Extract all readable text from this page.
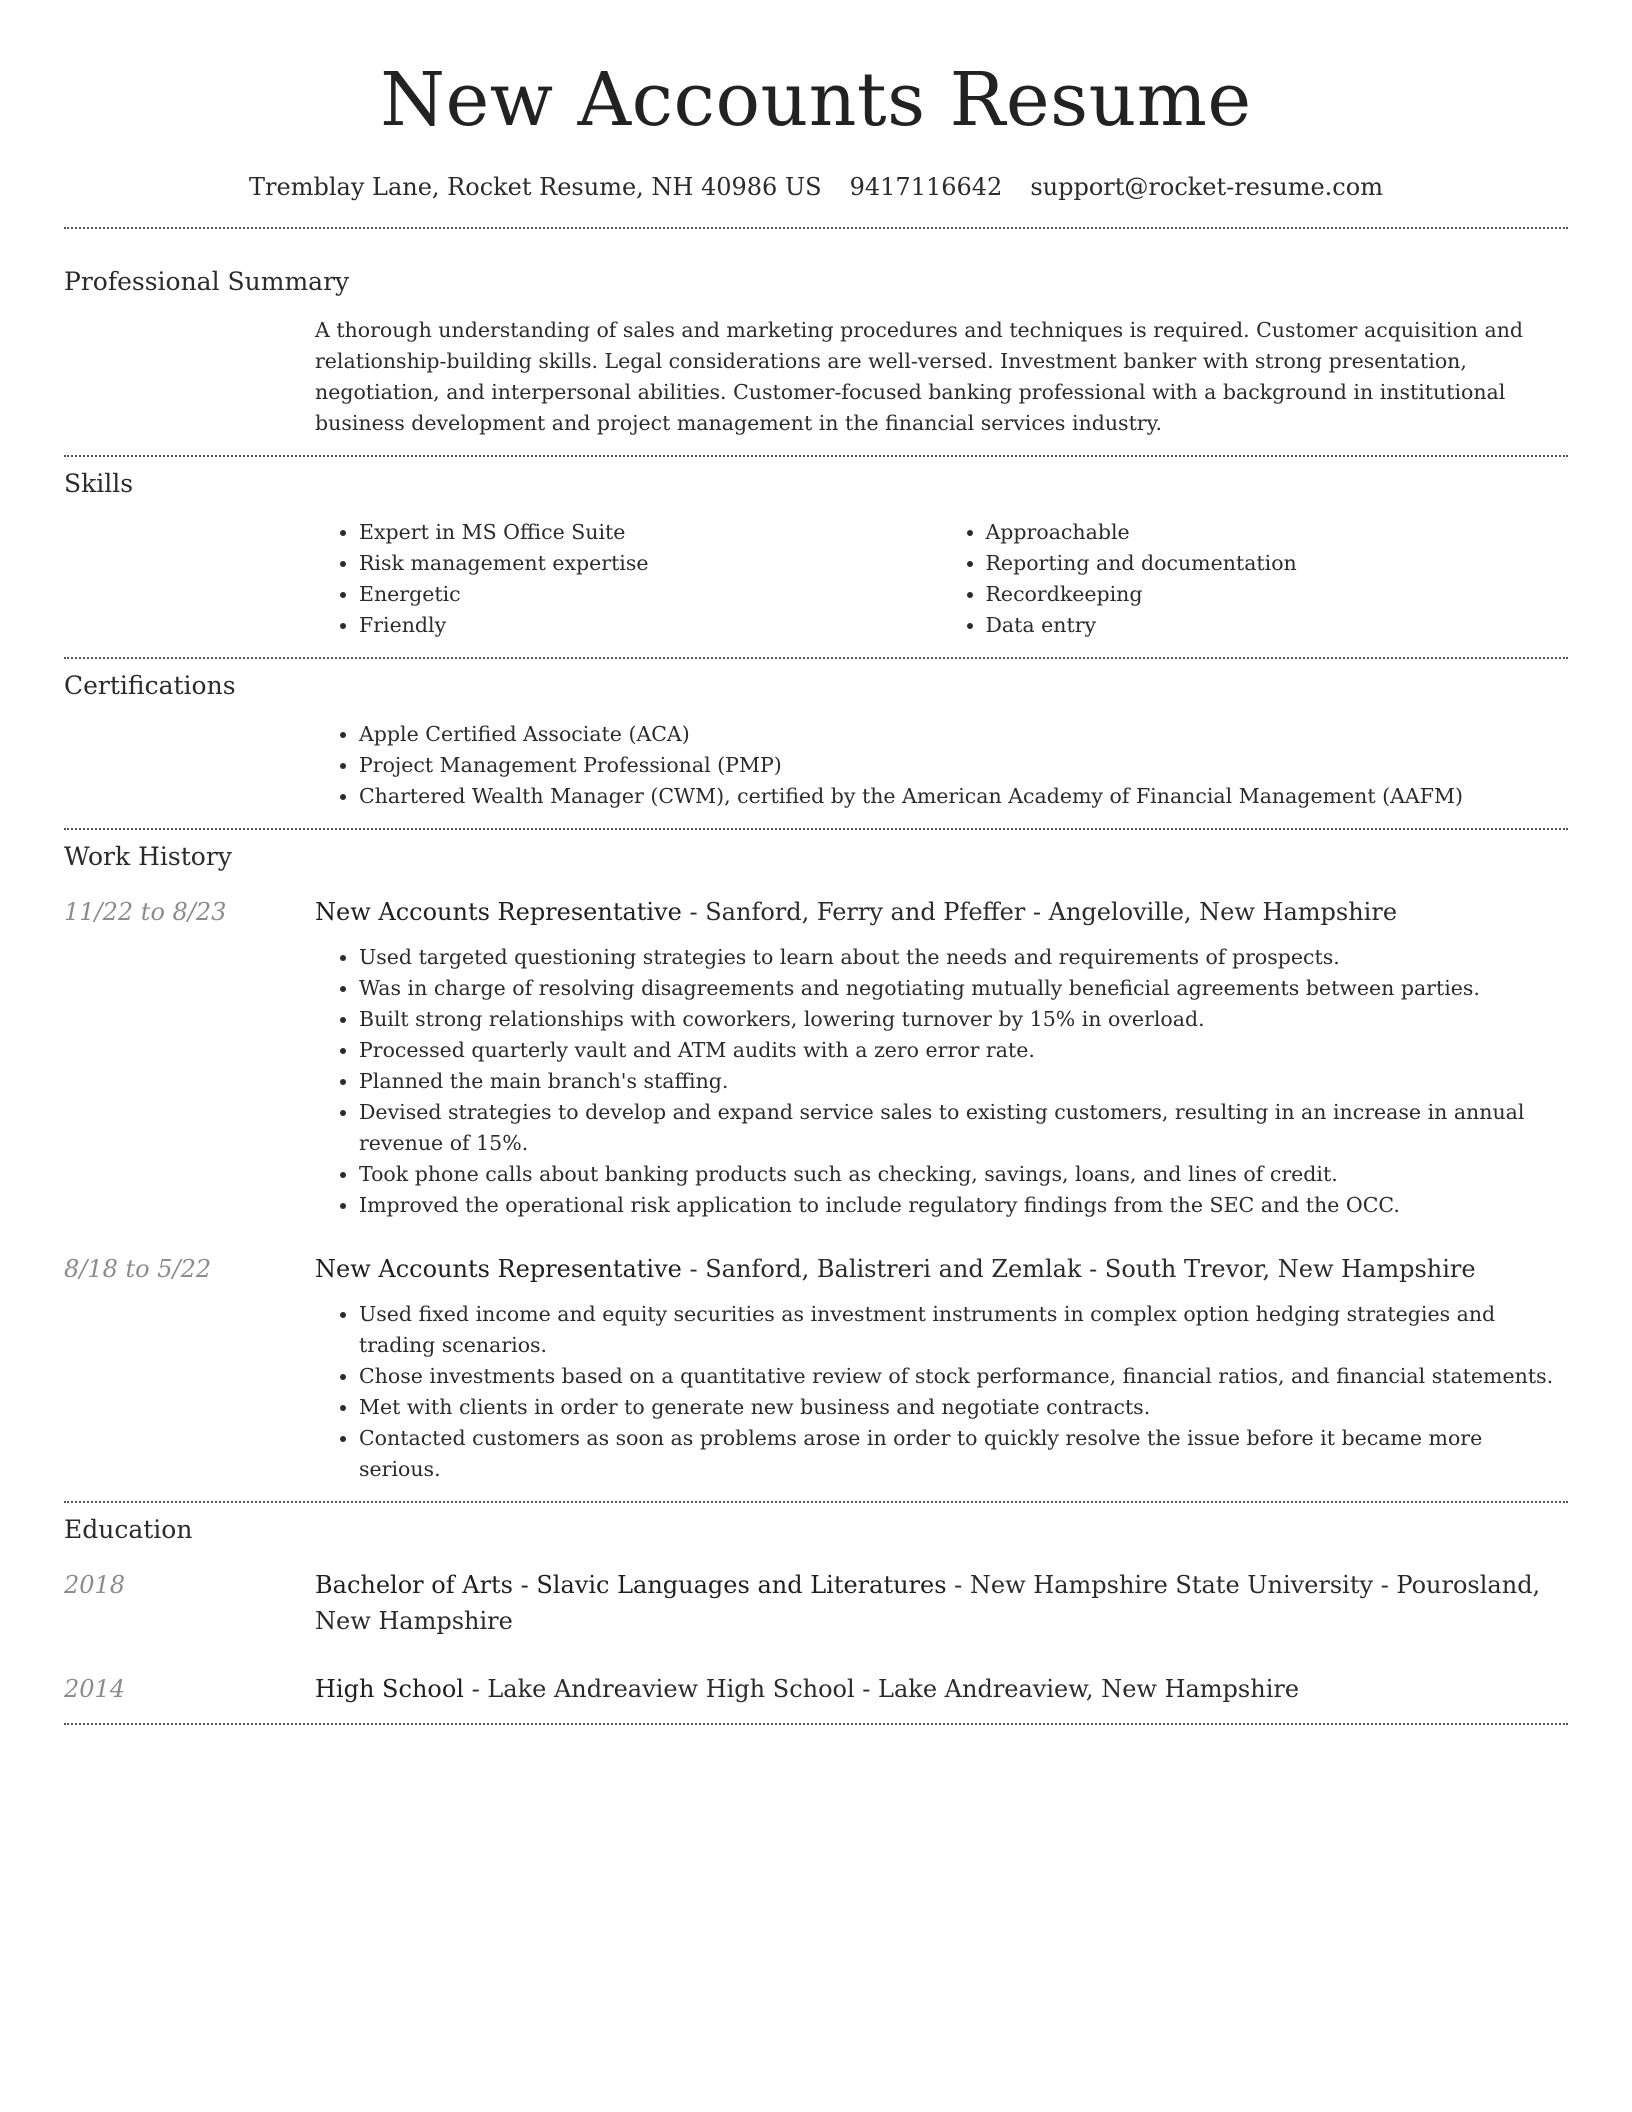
New Accounts Resume
Tremblay Lane, Rocket Resume, NH 40986 US 9417116642 support@rocket-resume.com
Professional Summary
A thorough understanding of sales and marketing procedures and techniques is required. Customer acquisition and relationship-building skills. Legal considerations are well-versed. Investment banker with strong presentation, negotiation, and interpersonal abilities. Customer-focused banking professional with a background in institutional business development and project management in the financial services industry.
Skills
• Expert in MS Office Suite
• Risk management expertise
• Energetic
• Friendly
• Approachable
• Reporting and documentation
• Recordkeeping
• Data entry
Certifications
• Apple Certified Associate (ACA)
• Project Management Professional (PMP)
• Chartered Wealth Manager (CWM), certified by the American Academy of Financial Management (AAFM)
Work History
11/22 to 8/23	New Accounts Representative - Sanford, Ferry and Pfeffer - Angeloville, New Hampshire
• Used targeted questioning strategies to learn about the needs and requirements of prospects.
• Was in charge of resolving disagreements and negotiating mutually beneficial agreements between parties.
• Built strong relationships with coworkers, lowering turnover by 15% in overload.
• Processed quarterly vault and ATM audits with a zero error rate.
• Planned the main branch's staffing.
• Devised strategies to develop and expand service sales to existing customers, resulting in an increase in annual revenue of 15%.
• Took phone calls about banking products such as checking, savings, loans, and lines of credit.
• Improved the operational risk application to include regulatory findings from the SEC and the OCC.
8/18 to 5/22	New Accounts Representative - Sanford, Balistreri and Zemlak - South Trevor, New Hampshire
• Used fixed income and equity securities as investment instruments in complex option hedging strategies and trading scenarios.
• Chose investments based on a quantitative review of stock performance, financial ratios, and financial statements.
• Met with clients in order to generate new business and negotiate contracts.
• Contacted customers as soon as problems arose in order to quickly resolve the issue before it became more serious.
Education
2018	Bachelor of Arts - Slavic Languages and Literatures - New Hampshire State University - Pourosland, New Hampshire
2014	High School - Lake Andreaview High School - Lake Andreaview, New Hampshire
